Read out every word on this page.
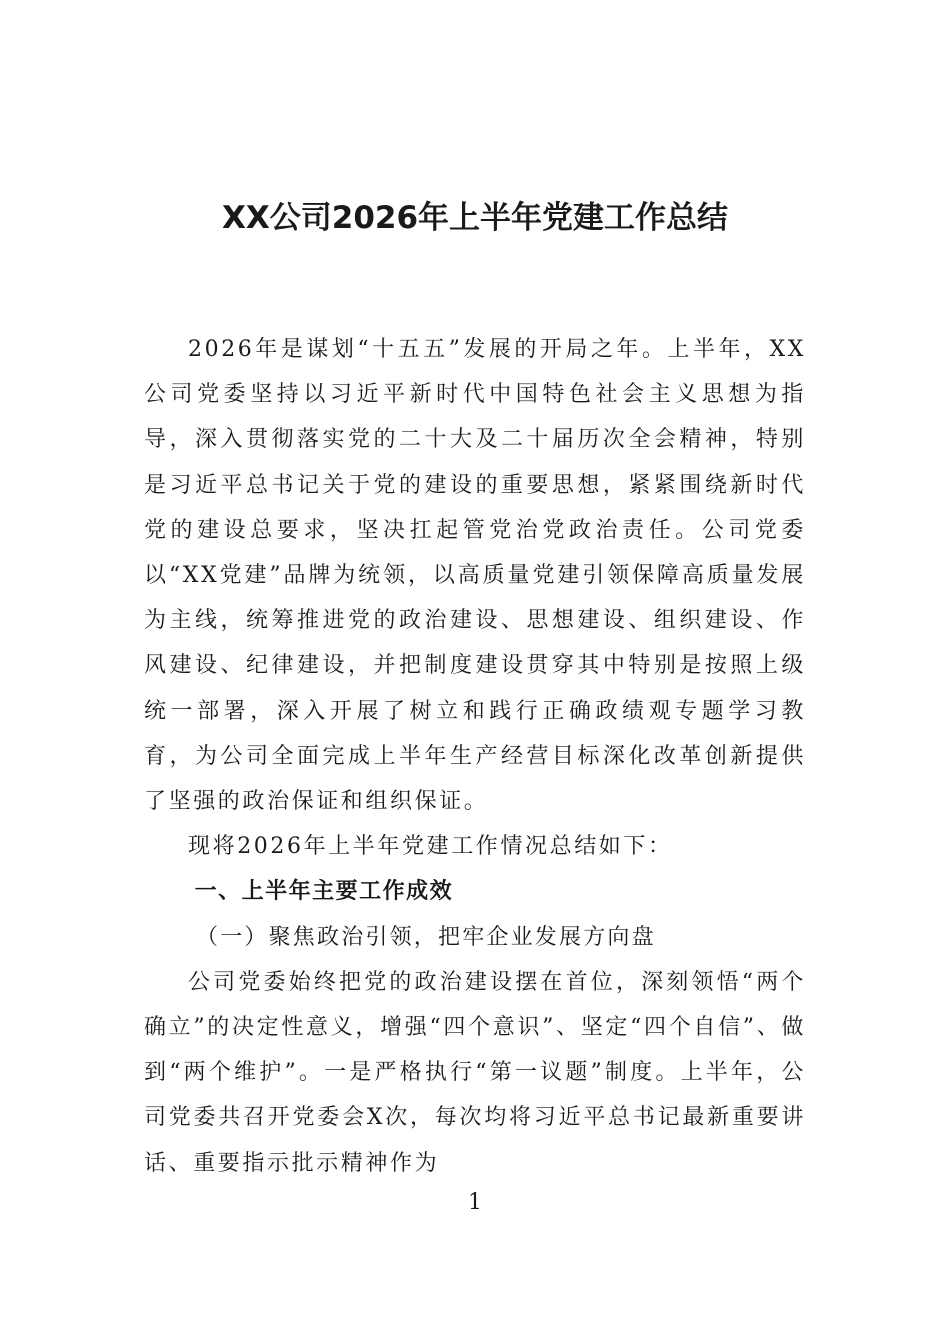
XX公司2026年上半年党建工作总结

2026年是谋划“十五五”发展的开局之年。上半年，XX公司党委坚持以习近平新时代中国特色社会主义思想为指导，深入贯彻落实党的二十大及二十届历次全会精神，特别是习近平总书记关于党的建设的重要思想，紧紧围绕新时代党的建设总要求，坚决扛起管党治党政治责任。公司党委以“XX党建”品牌为统领，以高质量党建引领保障高质量发展为主线，统筹推进党的政治建设、思想建设、组织建设、作风建设、纪律建设，并把制度建设贯穿其中特别是按照上级统一部署，深入开展了树立和践行正确政绩观专题学习教育，为公司全面完成上半年生产经营目标深化改革创新提供了坚强的政治保证和组织保证。

现将2026年上半年党建工作情况总结如下：

一、上半年主要工作成效

（一）聚焦政治引领，把牢企业发展方向盘

公司党委始终把党的政治建设摆在首位，深刻领悟“两个确立”的决定性意义，增强“四个意识”、坚定“四个自信”、做到“两个维护”。一是严格执行“第一议题”制度。上半年，公司党委共召开党委会X次，每次均将习近平总书记最新重要讲话、重要指示批示精神作为

1
